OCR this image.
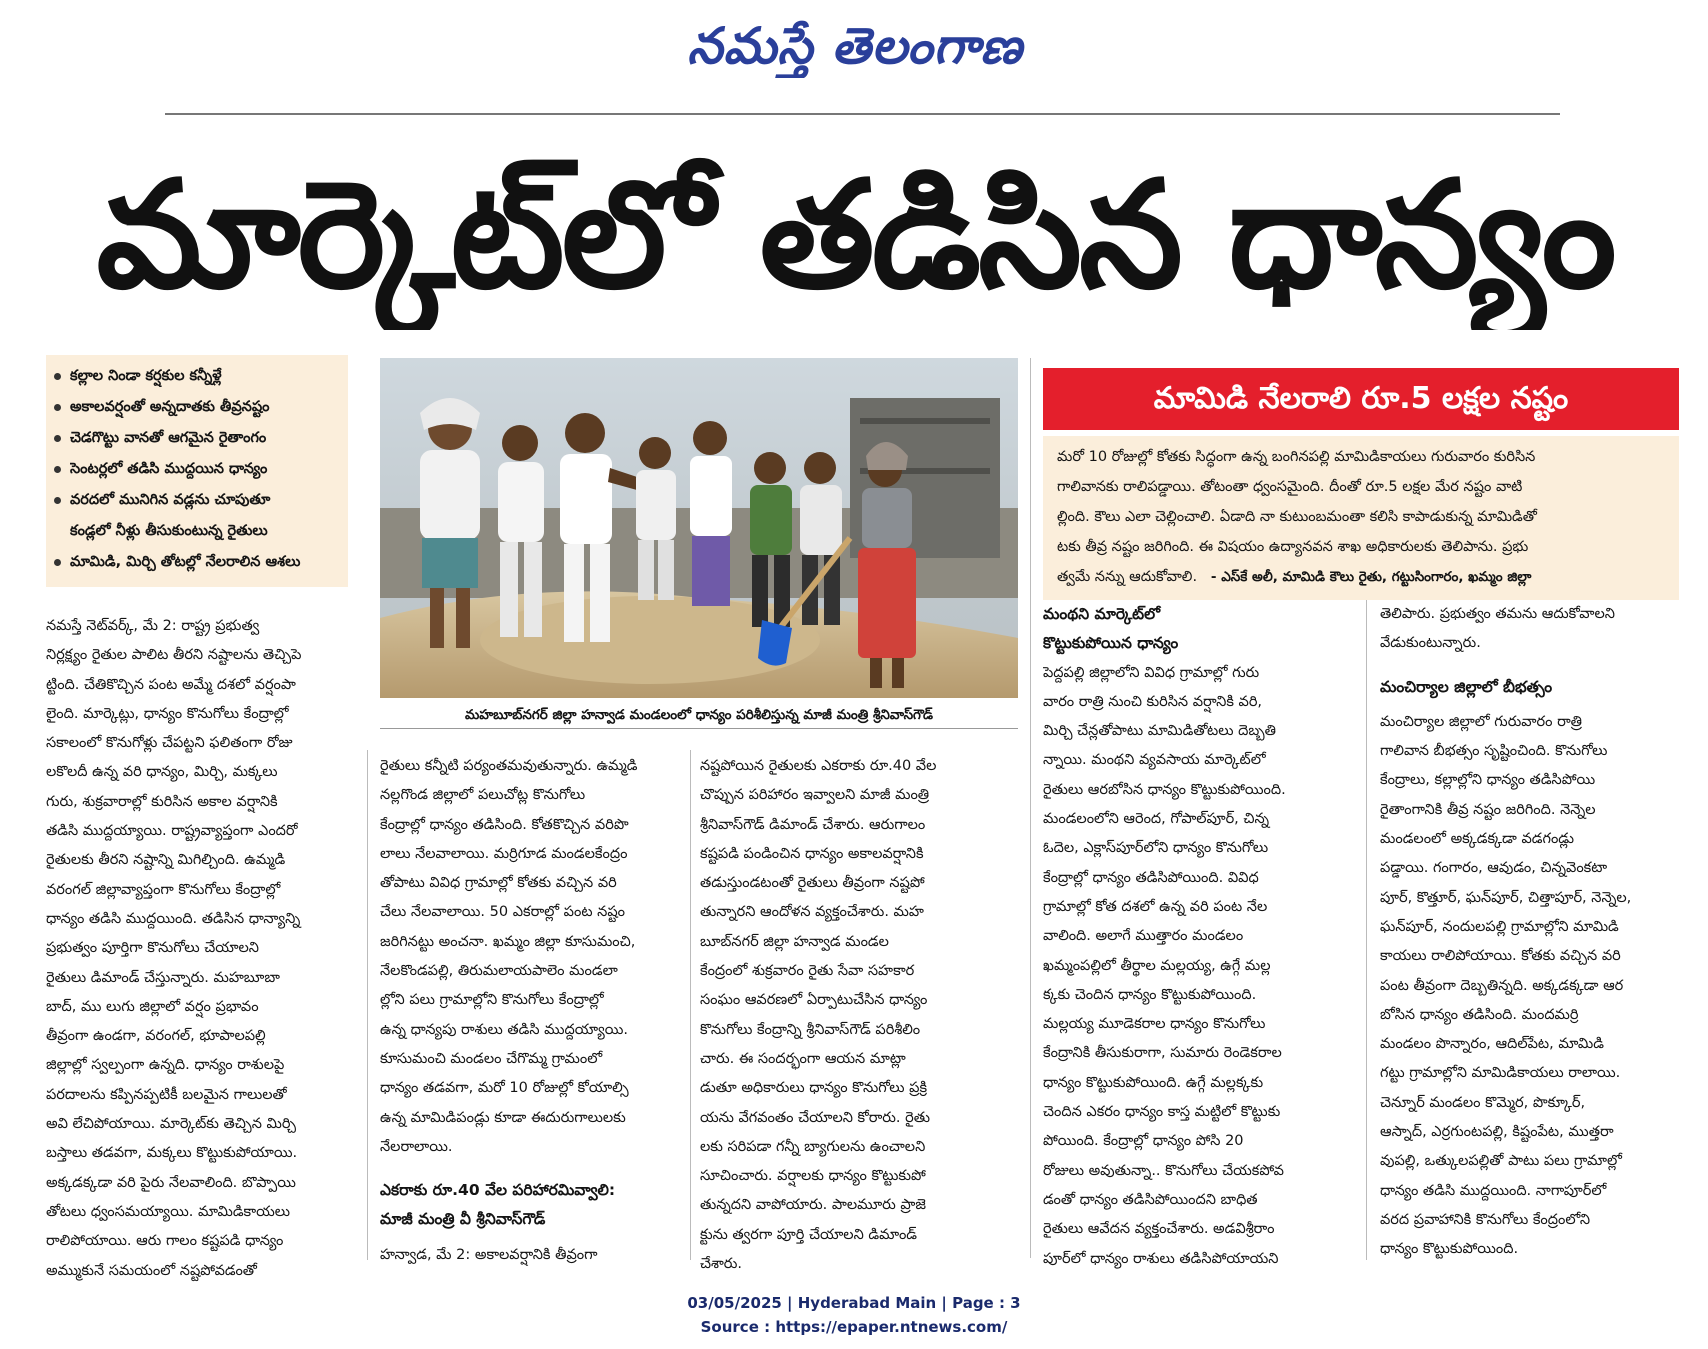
నమస్తే తెలంగాణ
మార్కెట్‌లో తడిసిన ధాన్యం
కల్లాల నిండా కర్షకుల కన్నీళ్లే
అకాలవర్షంతో అన్నదాతకు తీవ్రనష్టం
చెడగొట్టు వానతో ఆగమైన రైతాంగం
సెంటర్లలో తడిసి ముద్దయిన ధాన్యం
వరదలో మునిగిన వడ్లను చూపుతూ
కండ్లలో నీళ్లు తీసుకుంటున్న రైతులు
మామిడి, మిర్చి తోటల్లో నేలరాలిన ఆశలు
మహబూబ్‌నగర్‌ జిల్లా హన్వాడ మండలంలో ధాన్యం పరిశీలిస్తున్న మాజీ మంత్రి శ్రీనివాస్‌గౌడ్‌
మామిడి నేలరాలి రూ.5 లక్షల నష్టం
మరో 10 రోజుల్లో కోతకు సిద్ధంగా ఉన్న బంగినపల్లి మామిడికాయలు గురువారం కురిసిన
గాలివానకు రాలిపడ్డాయి. తోటంతా ధ్వంసమైంది. దీంతో రూ.5 లక్షల మేర నష్టం వాటి
ల్లింది. కౌలు ఎలా చెల్లించాలి. ఏడాది నా కుటుంబమంతా కలిసి కాపాడుకున్న మామిడితో
టకు తీవ్ర నష్టం జరిగింది. ఈ విషయం ఉద్యానవన శాఖ అధికారులకు తెలిపాను. ప్రభు
త్వమే నన్ను ఆదుకోవాలి. - ఎస్‌కే అలీ, మామిడి కౌలు రైతు, గట్టుసింగారం, ఖమ్మం జిల్లా
నమస్తే నెట్‌వర్క్‌, మే 2: రాష్ట్ర ప్రభుత్వ
నిర్లక్ష్యం రైతుల పాలిట తీరని నష్టాలను తెచ్చిపె
ట్టింది. చేతికొచ్చిన పంట అమ్మే దశలో వర్షంపా
లైంది. మార్కెట్లు, ధాన్యం కొనుగోలు కేంద్రాల్లో
సకాలంలో కొనుగోళ్లు చేపట్టని ఫలితంగా రోజు
లకొలదీ ఉన్న వరి ధాన్యం, మిర్చి, మక్కలు
గురు, శుక్రవారాల్లో కురిసిన అకాల వర్షానికి
తడిసి ముద్దయ్యాయి. రాష్ట్రవ్యాప్తంగా ఎందరో
రైతులకు తీరని నష్టాన్ని మిగిల్చింది. ఉమ్మడి
వరంగల్‌ జిల్లావ్యాప్తంగా కొనుగోలు కేంద్రాల్లో
ధాన్యం తడిసి ముద్దయింది. తడిసిన ధాన్యాన్ని
ప్రభుత్వం పూర్తిగా కొనుగోలు చేయాలని
రైతులు డిమాండ్‌ చేస్తున్నారు. మహబూబా
బాద్‌, ము లుగు జిల్లాలో వర్షం ప్రభావం
తీవ్రంగా ఉండగా, వరంగల్‌, భూపాలపల్లి
జిల్లాల్లో స్వల్పంగా ఉన్నది. ధాన్యం రాశులపై
పరదాలను కప్పినప్పటికీ బలమైన గాలులతో
అవి లేచిపోయాయి. మార్కెట్‌కు తెచ్చిన మిర్చి
బస్తాలు తడవగా, మక్కలు కొట్టుకుపోయాయి.
అక్కడక్కడా వరి పైరు నేలవాలింది. బొప్పాయి
తోటలు ధ్వంసమయ్యాయి. మామిడికాయలు
రాలిపోయాయి. ఆరు గాలం కష్టపడి ధాన్యం
అమ్ముకునే సమయంలో నష్టపోవడంతో
రైతులు కన్నీటి పర్యంతమవుతున్నారు. ఉమ్మడి
నల్లగొండ జిల్లాలో పలుచోట్ల కొనుగోలు
కేంద్రాల్లో ధాన్యం తడిసింది. కోతకొచ్చిన వరిపొ
లాలు నేలవాలాయి. మర్రిగూడ మండలకేంద్రం
తోపాటు వివిధ గ్రామాల్లో కోతకు వచ్చిన వరి
చేలు నేలవాలాయి. 50 ఎకరాల్లో పంట నష్టం
జరిగినట్టు అంచనా. ఖమ్మం జిల్లా కూసుమంచి,
నేలకొండపల్లి, తిరుమలాయపాలెం మండలా
ల్లోని పలు గ్రామాల్లోని కొనుగోలు కేంద్రాల్లో
ఉన్న ధాన్యపు రాశులు తడిసి ముద్దయ్యాయి.
కూసుమంచి మండలం చేగొమ్మ గ్రామంలో
ధాన్యం తడవగా, మరో 10 రోజుల్లో కోయాల్సి
ఉన్న మామిడిపండ్లు కూడా ఈదురుగాలులకు
నేలరాలాయి.
ఎకరాకు రూ.40 వేల పరిహారమివ్వాలి:
మాజీ మంత్రి వీ శ్రీనివాస్‌గౌడ్‌
హన్వాడ, మే 2: అకాలవర్షానికి తీవ్రంగా
నష్టపోయిన రైతులకు ఎకరాకు రూ.40 వేల
చొప్పున పరిహారం ఇవ్వాలని మాజీ మంత్రి
శ్రీనివాస్‌గౌడ్‌ డిమాండ్‌ చేశారు. ఆరుగాలం
కష్టపడి పండించిన ధాన్యం అకాలవర్షానికి
తడుస్తుండటంతో రైతులు తీవ్రంగా నష్టపో
తున్నారని ఆందోళన వ్యక్తంచేశారు. మహ
బూబ్‌నగర్‌ జిల్లా హన్వాడ మండల
కేంద్రంలో శుక్రవారం రైతు సేవా సహకార
సంఘం ఆవరణలో ఏర్పాటుచేసిన ధాన్యం
కొనుగోలు కేంద్రాన్ని శ్రీనివాస్‌గౌడ్‌ పరిశీలిం
చారు. ఈ సందర్భంగా ఆయన మాట్లా
డుతూ అధికారులు ధాన్యం కొనుగోలు ప్రక్రి
యను వేగవంతం చేయాలని కోరారు. రైతు
లకు సరిపడా గన్నీ బ్యాగులను ఉంచాలని
సూచించారు. వర్షాలకు ధాన్యం కొట్టుకుపో
తున్నదని వాపోయారు. పాలమూరు ప్రాజె
క్టును త్వరగా పూర్తి చేయాలని డిమాండ్‌
చేశారు.
మంథని మార్కెట్‌లో
కొట్టుకుపోయిన ధాన్యం
పెద్దపల్లి జిల్లాలోని వివిధ గ్రామాల్లో గురు
వారం రాత్రి నుంచి కురిసిన వర్షానికి వరి,
మిర్చి చేన్లతోపాటు మామిడితోటలు దెబ్బతి
న్నాయి. మంథని వ్యవసాయ మార్కెట్‌లో
రైతులు ఆరబోసిన ధాన్యం కొట్టుకుపోయింది.
మండలంలోని ఆరెంద, గోపాల్‌పూర్‌, చిన్న
ఓదెల, ఎక్లాస్‌పూర్‌లోని ధాన్యం కొనుగోలు
కేంద్రాల్లో ధాన్యం తడిసిపోయింది. వివిధ
గ్రామాల్లో కోత దశలో ఉన్న వరి పంట నేల
వాలింది. అలాగే ముత్తారం మండలం
ఖమ్మంపల్లిలో తీర్థాల మల్లయ్య, ఉగ్గే మల్ల
క్కకు చెందిన ధాన్యం కొట్టుకుపోయింది.
మల్లయ్య మూడెకరాల ధాన్యం కొనుగోలు
కేంద్రానికి తీసుకురాగా, సుమారు రెండెకరాల
ధాన్యం కొట్టుకుపోయింది. ఉగ్గే మల్లక్కకు
చెందిన ఎకరం ధాన్యం కాస్త మట్టిలో కొట్టుకు
పోయింది. కేంద్రాల్లో ధాన్యం పోసి 20
రోజులు అవుతున్నా.. కొనుగోలు చేయకపోవ
డంతో ధాన్యం తడిసిపోయిందని బాధిత
రైతులు ఆవేదన వ్యక్తంచేశారు. అడవిశ్రీరాం
పూర్‌లో ధాన్యం రాశులు తడిసిపోయాయని
తెలిపారు. ప్రభుత్వం తమను ఆదుకోవాలని
వేడుకుంటున్నారు.
మంచిర్యాల జిల్లాలో బీభత్సం
మంచిర్యాల జిల్లాలో గురువారం రాత్రి
గాలివాన బీభత్సం సృష్టించింది. కొనుగోలు
కేంద్రాలు, కల్లాల్లోని ధాన్యం తడిసిపోయి
రైతాంగానికి తీవ్ర నష్టం జరిగింది. నెన్నెల
మండలంలో అక్కడక్కడా వడగండ్లు
పడ్డాయి. గంగారం, ఆవుడం, చిన్నవెంకటా
పూర్‌, కొత్తూర్‌, ఘన్‌పూర్‌, చిత్తాపూర్‌, నెన్నెల,
ఘన్‌పూర్‌, నందులపల్లి గ్రామాల్లోని మామిడి
కాయలు రాలిపోయాయి. కోతకు వచ్చిన వరి
పంట తీవ్రంగా దెబ్బతిన్నది. అక్కడక్కడా ఆర
బోసిన ధాన్యం తడిసింది. మందమర్రి
మండలం పొన్నారం, ఆదిల్‌పేట, మామిడి
గట్టు గ్రామాల్లోని మామిడికాయలు రాలాయి.
చెన్నూర్‌ మండలం కొమ్మెర, పొక్కూర్‌,
ఆస్నాద్‌, ఎర్రగుంటపల్లి, కిష్టంపేట, ముత్తరా
వుపల్లి, ఒత్కులపల్లితో పాటు పలు గ్రామాల్లో
ధాన్యం తడిసి ముద్దయింది. నాగాపూర్‌లో
వరద ప్రవాహానికి కొనుగోలు కేంద్రంలోని
ధాన్యం కొట్టుకుపోయింది.
03/05/2025 | Hyderabad Main | Page : 3
Source : https://epaper.ntnews.com/
